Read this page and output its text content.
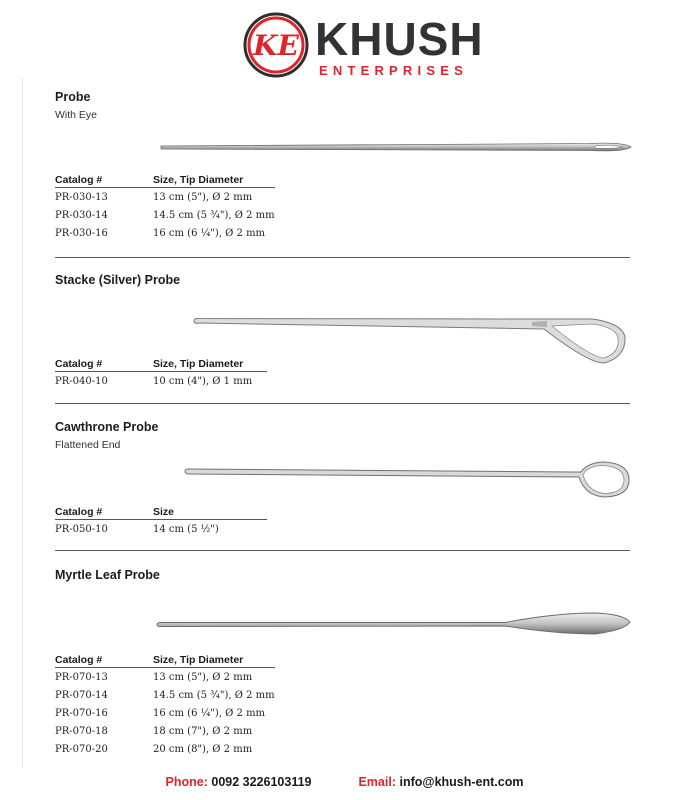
KE KHUSH
ENTERPRISES
Probe
With Eye
Catalog #	Size, Tip Diameter
PR-030-13	13 cm (5"), Ø 2 mm
PR-030-14	14.5 cm (5 ¾"), Ø 2 mm
PR-030-16	16 cm (6 ¼"), Ø 2 mm
Stacke (Silver) Probe
Catalog #	Size, Tip Diameter
PR-040-10	10 cm (4"), Ø 1 mm
Cawthrone Probe
Flattened End
Catalog #	Size
PR-050-10	14 cm (5 ½")
Myrtle Leaf Probe
Catalog #	Size, Tip Diameter
PR-070-13	13 cm (5"), Ø 2 mm
PR-070-14	14.5 cm (5 ¾"), Ø 2 mm
PR-070-16	16 cm (6 ¼"), Ø 2 mm
PR-070-18	18 cm (7"), Ø 2 mm
PR-070-20	20 cm (8"), Ø 2 mm
Phone: 0092 3226103119	Email: info@khush-ent.com
